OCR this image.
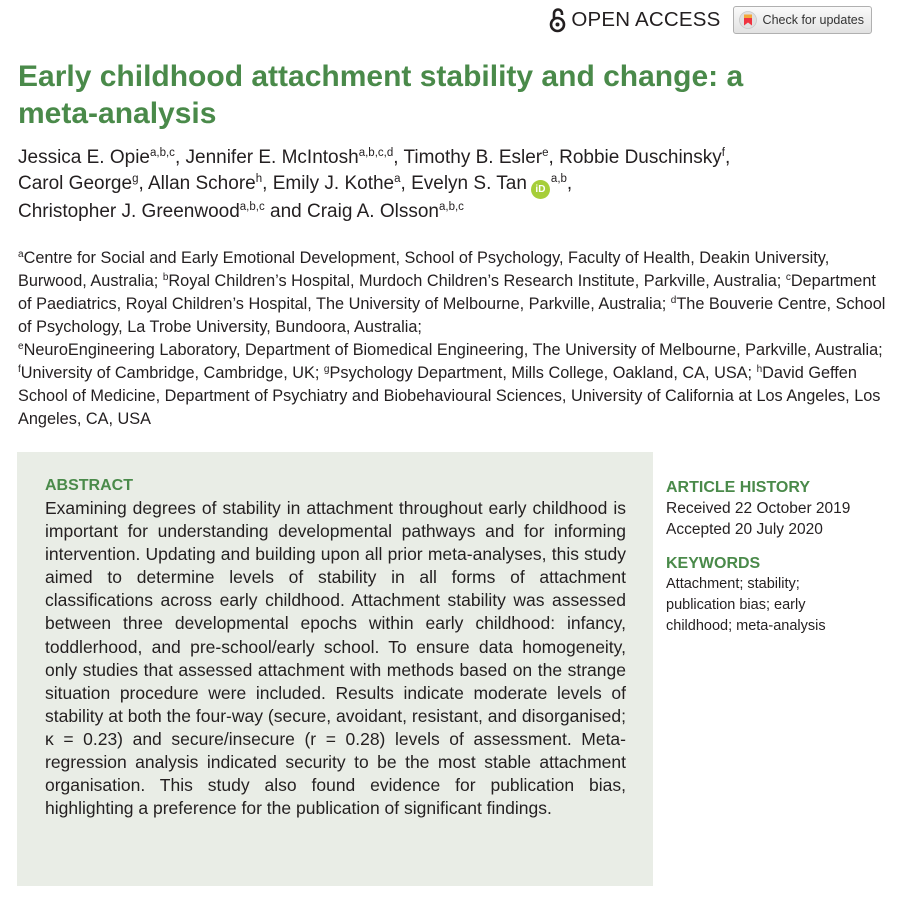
OPEN ACCESS	Check for updates
Early childhood attachment stability and change: a meta-analysis
Jessica E. Opie$^{a,b,c}$, Jennifer E. McIntosh$^{a,b,c,d}$, Timothy B. Esler$^e$, Robbie Duschinsky$^f$,
Carol George$^g$, Allan Schore$^h$, Emily J. Kothe$^a$, Evelyn S. Tan iD$^{a,b}$,
Christopher J. Greenwood$^{a,b,c}$ and Craig A. Olsson$^{a,b,c}$
$^a$Centre for Social and Early Emotional Development, School of Psychology, Faculty of Health, Deakin University, Burwood, Australia; $^b$Royal Children’s Hospital, Murdoch Children’s Research Institute, Parkville, Australia; $^c$Department of Paediatrics, Royal Children’s Hospital, The University of Melbourne, Parkville, Australia; $^d$The Bouverie Centre, School of Psychology, La Trobe University, Bundoora, Australia;
$^e$NeuroEngineering Laboratory, Department of Biomedical Engineering, The University of Melbourne, Parkville, Australia; $^f$University of Cambridge, Cambridge, UK; $^g$Psychology Department, Mills College, Oakland, CA, USA; $^h$David Geffen School of Medicine, Department of Psychiatry and Biobehavioural Sciences, University of California at Los Angeles, Los Angeles, CA, USA
ABSTRACT

Examining degrees of stability in attachment throughout early childhood is important for understanding developmental pathways and for informing intervention. Updating and building upon all prior meta-analyses, this study aimed to determine levels of stability in all forms of attachment classifications across early childhood. Attachment stability was assessed between three developmental epochs within early childhood: infancy, toddlerhood, and pre-school/early school. To ensure data homogeneity, only studies that assessed attachment with methods based on the strange situation procedure were included. Results indicate moderate levels of stability at both the four-way (secure, avoidant, resistant, and disorganised; κ = 0.23) and secure/insecure (r = 0.28) levels of assessment. Meta-regression analysis indicated security to be the most stable attachment organisation. This study also found evidence for publication bias, highlighting a preference for the publication of significant findings.

ARTICLE HISTORY
Received 22 October 2019
Accepted 20 July 2020
KEYWORDS
Attachment; stability; publication bias; early childhood; meta-analysis
